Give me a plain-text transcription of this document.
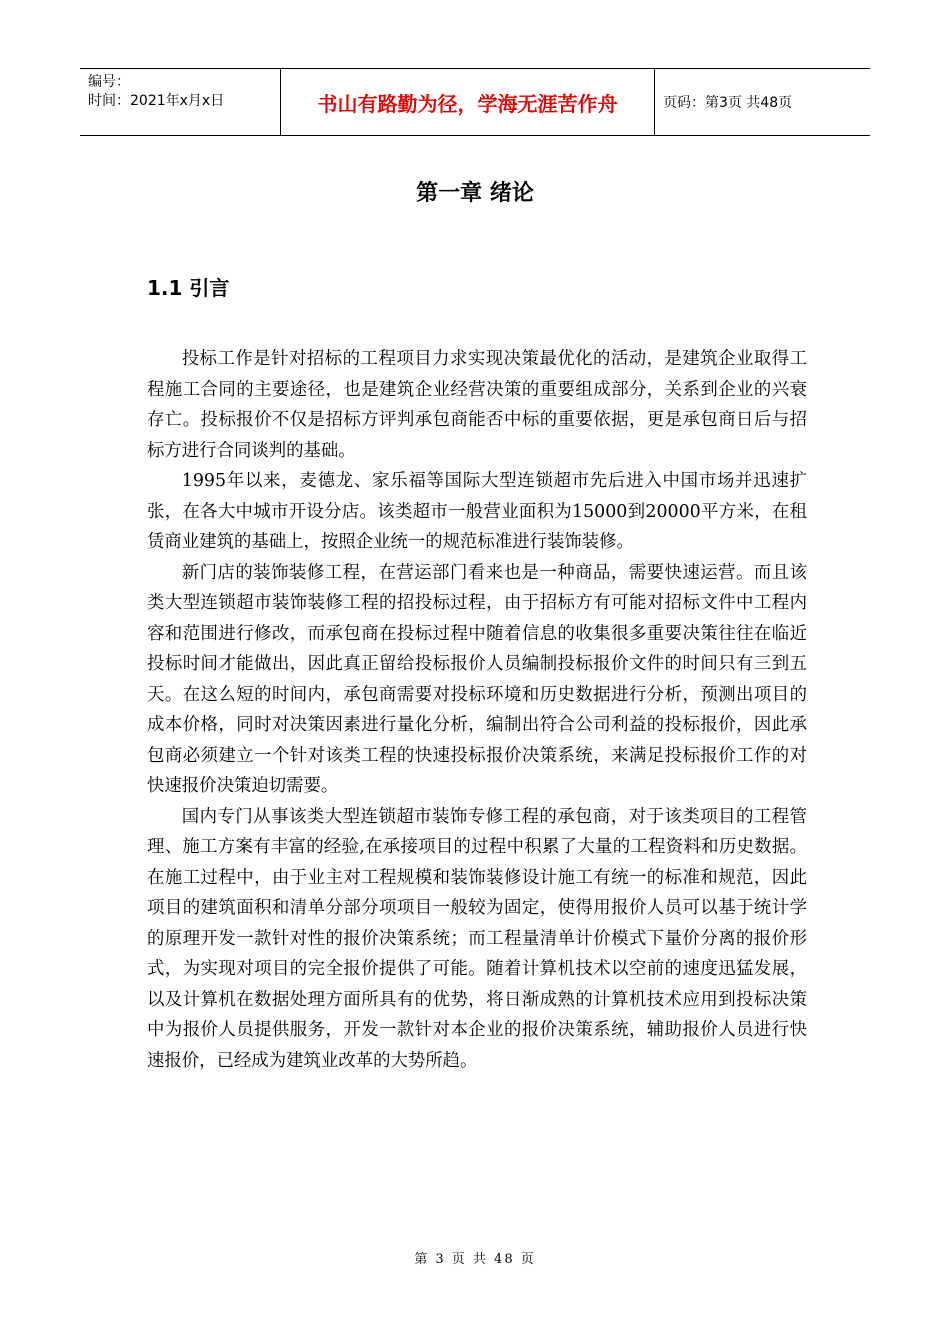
编号：
时间：2021年x月x日	书山有路勤为径，学海无涯苦作舟	页码：第3页 共48页
第一章 绪论
1.1 引言

投标工作是针对招标的工程项目力求实现决策最优化的活动，是建筑企业取得工程施工合同的主要途径，也是建筑企业经营决策的重要组成部分，关系到企业的兴衰存亡。投标报价不仅是招标方评判承包商能否中标的重要依据，更是承包商日后与招标方进行合同谈判的基础。

1995年以来，麦德龙、家乐福等国际大型连锁超市先后进入中国市场并迅速扩张，在各大中城市开设分店。该类超市一般营业面积为15000到20000平方米，在租赁商业建筑的基础上，按照企业统一的规范标准进行装饰装修。

新门店的装饰装修工程，在营运部门看来也是一种商品，需要快速运营。而且该类大型连锁超市装饰装修工程的招投标过程，由于招标方有可能对招标文件中工程内容和范围进行修改，而承包商在投标过程中随着信息的收集很多重要决策往往在临近投标时间才能做出，因此真正留给投标报价人员编制投标报价文件的时间只有三到五天。在这么短的时间内，承包商需要对投标环境和历史数据进行分析，预测出项目的成本价格，同时对决策因素进行量化分析，编制出符合公司利益的投标报价，因此承包商必须建立一个针对该类工程的快速投标报价决策系统，来满足投标报价工作的对快速报价决策迫切需要。

国内专门从事该类大型连锁超市装饰专修工程的承包商，对于该类项目的工程管理、施工方案有丰富的经验,在承接项目的过程中积累了大量的工程资料和历史数据。在施工过程中，由于业主对工程规模和装饰装修设计施工有统一的标准和规范，因此项目的建筑面积和清单分部分项项目一般较为固定，使得用报价人员可以基于统计学的原理开发一款针对性的报价决策系统；而工程量清单计价模式下量价分离的报价形式，为实现对项目的完全报价提供了可能。随着计算机技术以空前的速度迅猛发展，以及计算机在数据处理方面所具有的优势，将日渐成熟的计算机技术应用到投标决策中为报价人员提供服务，开发一款针对本企业的报价决策系统，辅助报价人员进行快速报价，已经成为建筑业改革的大势所趋。

第 3 页 共 48 页
